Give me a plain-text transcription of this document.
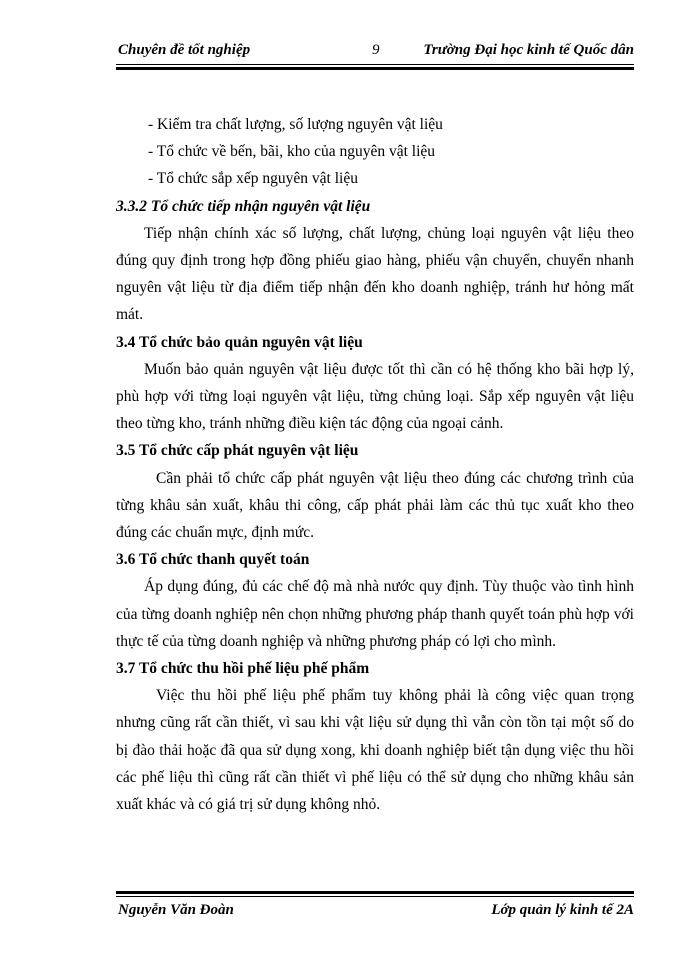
Chuyên đề tốt nghiệp	9	Trường Đại học kinh tế Quốc dân
- Kiểm tra chất lượng, số lượng nguyên vật liệu
- Tổ chức về bến, bãi, kho của nguyên vật liệu
- Tổ chức sắp xếp nguyên vật liệu
3.3.2 Tổ chức tiếp nhận nguyên vật liệu
Tiếp nhận chính xác số lượng, chất lượng, chủng loại nguyên vật liệu theo đúng quy định trong hợp đồng phiếu giao hàng, phiếu vận chuyển, chuyển nhanh nguyên vật liệu từ địa điểm tiếp nhận đến kho doanh nghiệp, tránh hư hỏng mất mát.
3.4 Tổ chức bảo quản nguyên vật liệu
Muốn bảo quản nguyên vật liệu được tốt thì cần có hệ thống kho bãi hợp lý, phù hợp với từng loại nguyên vật liệu, từng chủng loại. Sắp xếp nguyên vật liệu theo từng kho, tránh những điều kiện tác động của ngoại cảnh.
3.5 Tổ chức cấp phát nguyên vật liệu
Cần phải tổ chức cấp phát nguyên vật liệu theo đúng các chương trình của từng khâu sản xuất, khâu thi công, cấp phát phải làm các thủ tục xuất kho theo đúng các chuẩn mực, định mức.
3.6 Tổ chức thanh quyết toán
Áp dụng đúng, đủ các chế độ mà nhà nước quy định. Tùy thuộc vào tình hình của từng doanh nghiệp nên chọn những phương pháp thanh quyết toán phù hợp với thực tế của từng doanh nghiệp và những phương pháp có lợi cho mình.
3.7 Tổ chức thu hồi phế liệu phế phẩm
Việc thu hồi phế liệu phế phẩm tuy không phải là công việc quan trọng nhưng cũng rất cần thiết, vì sau khi vật liệu sử dụng thì vẫn còn tồn tại một số do bị đào thải hoặc đã qua sử dụng xong, khi doanh nghiệp biết tận dụng việc thu hồi các phế liệu thì cũng rất cần thiết vì phế liệu có thể sử dụng cho những khâu sản xuất khác và có giá trị sử dụng không nhỏ.
Nguyễn Văn Đoàn	Lớp quản lý kinh tế 2A
